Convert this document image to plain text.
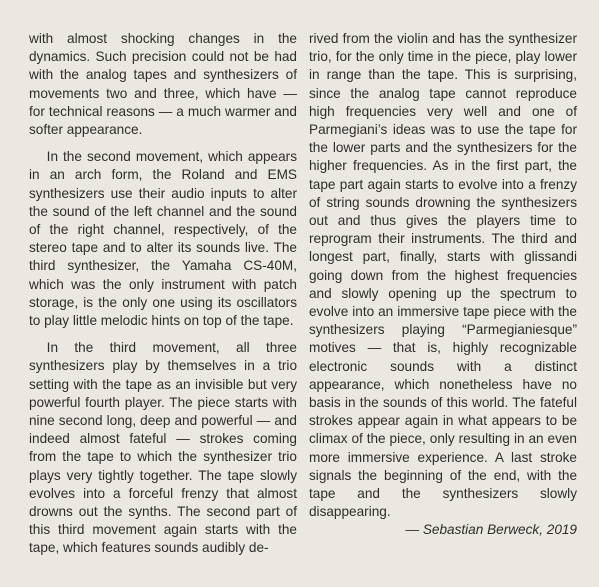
with almost shocking changes in the dynamics. Such precision could not be had with the analog tapes and synthesizers of movements two and three, which have — for technical reasons — a much warmer and softer appearance.

In the second movement, which appears in an arch form, the Roland and EMS synthesizers use their audio inputs to alter the sound of the left channel and the sound of the right channel, respectively, of the stereo tape and to alter its sounds live. The third synthesizer, the Yamaha CS-40M, which was the only instrument with patch storage, is the only one using its oscillators to play little melodic hints on top of the tape.

In the third movement, all three synthesizers play by themselves in a trio setting with the tape as an invisible but very powerful fourth player. The piece starts with nine second long, deep and powerful — and indeed almost fateful — strokes coming from the tape to which the synthesizer trio plays very tightly together. The tape slowly evolves into a forceful frenzy that almost drowns out the synths. The second part of this third movement again starts with the tape, which features sounds audibly de-

rived from the violin and has the synthesizer trio, for the only time in the piece, play lower in range than the tape. This is surprising, since the analog tape cannot reproduce high frequencies very well and one of Parmegiani’s ideas was to use the tape for the lower parts and the synthesizers for the higher frequencies. As in the first part, the tape part again starts to evolve into a frenzy of string sounds drowning the synthesizers out and thus gives the players time to reprogram their instruments. The third and longest part, finally, starts with glissandi going down from the highest frequencies and slowly opening up the spectrum to evolve into an immersive tape piece with the synthesizers playing “Parmegianiesque” motives — that is, highly recognizable electronic sounds with a distinct appearance, which nonetheless have no basis in the sounds of this world. The fateful strokes appear again in what appears to be climax of the piece, only resulting in an even more immersive experience. A last stroke signals the beginning of the end, with the tape and the synthesizers slowly disappearing.

— Sebastian Berweck, 2019
